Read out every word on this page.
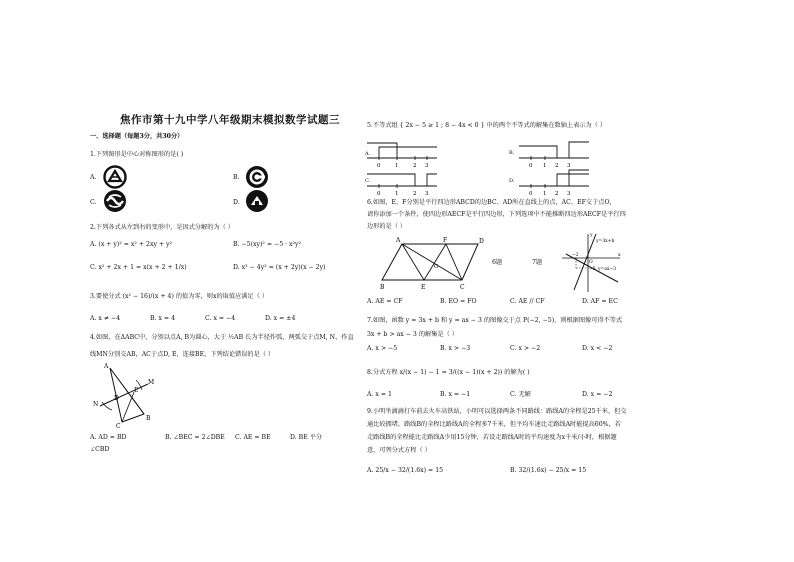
焦作市第十九中学八年级期末模拟数学试题三
一、选择题（每题3分，共30分）
1.下列图形是中心对称图形的是( )
A.	B.
C.	D.
2.下列各式从左到右的变形中，是因式分解的为（ ）
A. (x + y)² = x² + 2xy + y²	B. −5(xy)² = −5 · x²y²
C. x² + 2x + 1 = x(x + 2 + 1/x)	D. x³ − 4y² = (x + 2y)(x − 2y)
3.要使分式 (x² − 16)/(x + 4) 的值为零，则x的取值应满足（ ）
A. x ≠ −4	B. x = 4	C. x = −4	D. x = ±4
4.如图，在ΔABC中，分别以点A, B为圆心，大于 ½AB 长为半径作弧，两弧交于点M, N，作直
线MN分别交AB，AC于点D, E，连接BE，下列结论错误的是（ ）
A
M
N
E
D
C
B
A. AD = BD	B. ∠BEC = 2∠DBE C. AE = BE	D. BE 平分
∠CBD
5.不等式组 { 2x − 5 ≥ 1 ; 8 − 4x < 0 } 中的两个不等式的解集在数轴上表示为（ ）
A.
0	1	2 3
B.
0 1 2 3
C.
0	1	2 3
D.
0 1 2 3
6.如图，E、F分别是平行四边形ABCD的边BC、AD所在直线上的点，AC、EF交于点O，
请你添加一个条件，使四边形AECF是平行四边形，下列选项中不能推断四边形AECF是平行四
边形的是（ ）
A	F	D
O
B	E	C
6题	7题
y=3x+b
y=ax−3
−2
O
−5
x
y
A. AE = CF	B. EO = FO	C. AE // CF	D. AF = EC
7.如图，函数 y = 3x + b 和 y = ax − 3 的图像交于点 P(−2, −5)，则根据图像可得不等式
3x + b > ax − 3 的解集是（ ）
A. x > −5	B. x > −3	C. x > −2	D. x < −2
8.分式方程 x/(x − 1) − 1 = 3/((x − 1)(x + 2)) 的解为( )
A. x = 1	B. x = −1	C. 无解	D. x = −2
9.小明坐滴滴打车前去火车高铁站，小明可以选择两条不同路线：路线A的全程是25千米，但交
通比较拥堵，路线B的全程比路线A的全程多7千米，但平均车速比走路线A时能提高60%，若
走路线B的全程能比走路线A少用15分钟，若设走路线A时的平均速度为x千米/小时，根据题
意，可列分式方程（ ）
A. 25/x − 32/(1.6x) = 15	B. 32/(1.6x) − 25/x = 15
